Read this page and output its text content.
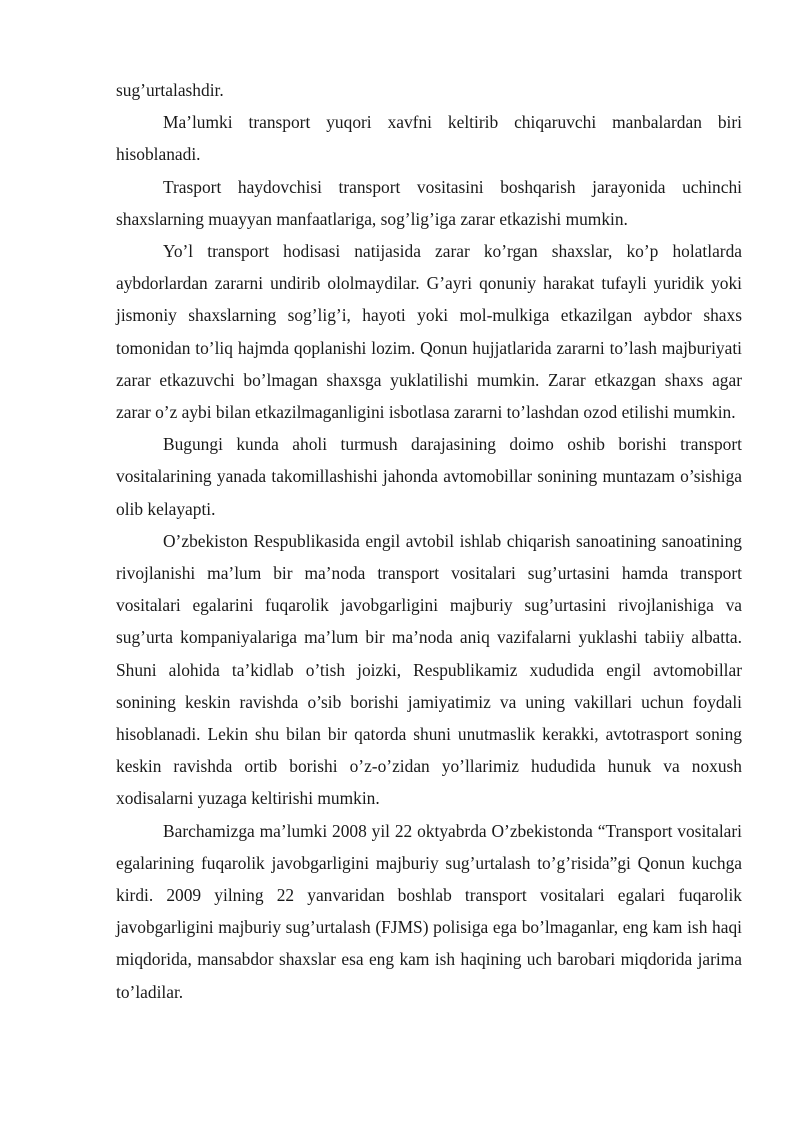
sug’urtalashdir.

Ma’lumki transport yuqori xavfni keltirib chiqaruvchi manbalardan biri hisoblanadi.

Trasport haydovchisi transport vositasini boshqarish jarayonida uchinchi shaxslarning muayyan manfaatlariga, sog’lig’iga zarar etkazishi mumkin.

Yo’l transport hodisasi natijasida zarar ko’rgan shaxslar, ko’p holatlarda aybdorlardan zararni undirib ololmaydilar. G’ayri qonuniy harakat tufayli yuridik yoki jismoniy shaxslarning sog’lig’i, hayoti yoki mol-mulkiga etkazilgan aybdor shaxs tomonidan to’liq hajmda qoplanishi lozim. Qonun hujjatlarida zararni to’lash majburiyati zarar etkazuvchi bo’lmagan shaxsga yuklatilishi mumkin. Zarar etkazgan shaxs agar zarar o’z aybi bilan etkazilmaganligini isbotlasa zararni to’lashdan ozod etilishi mumkin.

Bugungi kunda aholi turmush darajasining doimo oshib borishi transport vositalarining yanada takomillashishi jahonda avtomobillar sonining muntazam o’sishiga olib kelayapti.

O’zbekiston Respublikasida engil avtobil ishlab chiqarish sanoatining sanoatining rivojlanishi ma’lum bir ma’noda transport vositalari sug’urtasini hamda transport vositalari egalarini fuqarolik javobgarligini majburiy sug’urtasini rivojlanishiga va sug’urta kompaniyalariga ma’lum bir ma’noda aniq vazifalarni yuklashi tabiiy albatta. Shuni alohida ta’kidlab o’tish joizki, Respublikamiz xududida engil avtomobillar sonining keskin ravishda o’sib borishi jamiyatimiz va uning vakillari uchun foydali hisoblanadi. Lekin shu bilan bir qatorda shuni unutmaslik kerakki, avtotrasport soning keskin ravishda ortib borishi o’z-o’zidan yo’llarimiz hududida hunuk va noxush xodisalarni yuzaga keltirishi mumkin.

Barchamizga ma’lumki 2008 yil 22 oktyabrda O’zbekistonda “Transport vositalari egalarining fuqarolik javobgarligini majburiy sug’urtalash to’g’risida”gi Qonun kuchga kirdi. 2009 yilning 22 yanvaridan boshlab transport vositalari egalari fuqarolik javobgarligini majburiy sug’urtalash (FJMS) polisiga ega bo’lmaganlar, eng kam ish haqi miqdorida, mansabdor shaxslar esa eng kam ish haqining uch barobari miqdorida jarima to’ladilar.
